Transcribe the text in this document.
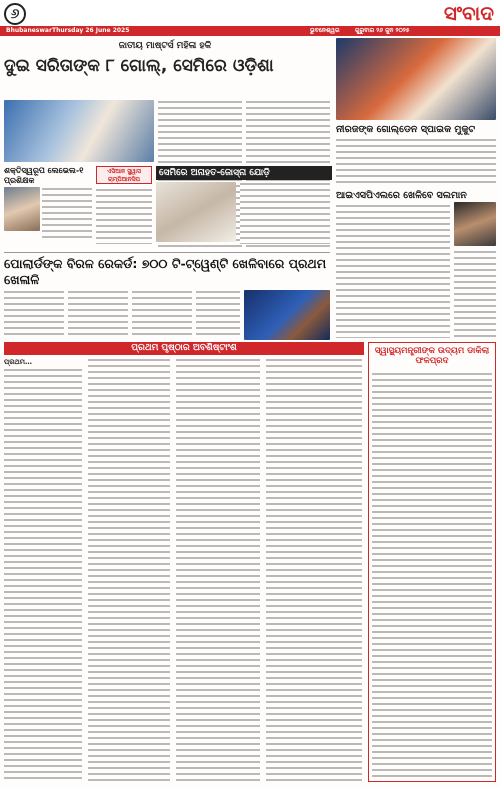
୬	ସଂବାଦ
Bhubaneswar Thursday 26 June 2025	ଭୁବନେଶ୍ୱର	ଗୁରୁବାର ୨୬ ଜୁନ ୨୦୨୫
ଜାତୀୟ ମାଷ୍ଟର୍ସ ମହିଳା ହକି
ଦୁଇ ସରିତାଙ୍କ ୮ ଗୋଲ୍, ସେମିରେ ଓଡ଼ିଶା
ଶକ୍ତିସ୍ୱରୂପ ଲେଭେଲ-୧ ପ୍ରଶିକ୍ଷକ
ଏସିଆନ ସ୍କ୍ୱାସ ଚାମ୍ପିଆନସିପ
ସେମିରେ ଅନାହତ-ଜୋସ୍ନା ଯୋଡ଼ି
ନୀରଜଙ୍କ ଗୋଲ୍ଡେନ ସ୍ପାଇକ ମୁକୁଟ
ଆଇଏସପିଏଲରେ ଖେଳିବେ ସଲମାନ
ପୋଲାର୍ଡଙ୍କ ବିରଳ ରେକର୍ଡ: ୭୦୦ ଟି-ଟ୍ୱେଣ୍ଟି ଖେଳିବାରେ ପ୍ରଥମ ଖେଳାଳି
ପ୍ରଥମ ପୃଷ୍ଠାର ଅବଶିଷ୍ଟାଂଶ
ପ୍ରଥମ…
ସ୍ୱାସ୍ଥ୍ୟମନ୍ତ୍ରୀଙ୍କ ଉଦ୍ୟମ ଡାକିଲା ଫଳପ୍ରଦ
